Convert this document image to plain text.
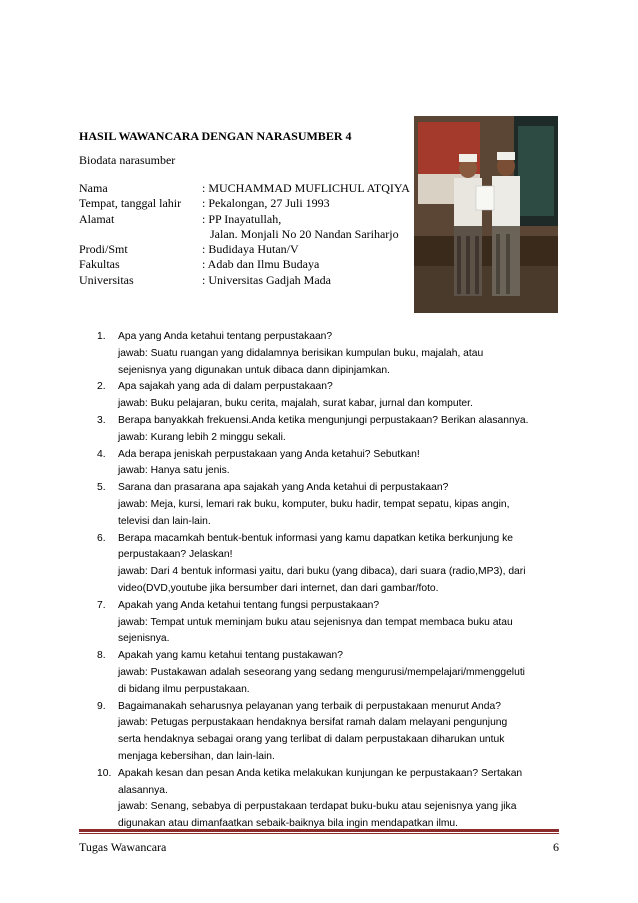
HASIL WAWANCARA DENGAN NARASUMBER 4
Biodata narasumber
Nama	: MUCHAMMAD MUFLICHUL ATQIYA
Tempat, tanggal lahir	: Pekalongan, 27 Juli 1993
Alamat	: PP Inayatullah,
Jalan. Monjali No 20 Nandan Sariharjo
Prodi/Smt	: Budidaya Hutan/V
Fakultas	: Adab dan Ilmu Budaya
Universitas	: Universitas Gadjah Mada
1.	Apa yang Anda ketahui tentang perpustakaan?
jawab: Suatu ruangan yang didalamnya berisikan kumpulan buku, majalah, atau
sejenisnya yang digunakan untuk dibaca dann dipinjamkan.
2.	Apa sajakah yang ada di dalam perpustakaan?
jawab: Buku pelajaran, buku cerita, majalah, surat kabar, jurnal dan komputer.
3.	Berapa banyakkah frekuensi.Anda ketika mengunjungi perpustakaan? Berikan alasannya.
jawab: Kurang lebih 2 minggu sekali.
4.	Ada berapa jeniskah perpustakaan yang Anda ketahui? Sebutkan!
jawab: Hanya satu jenis.
5.	Sarana dan prasarana apa sajakah yang Anda ketahui di perpustakaan?
jawab: Meja, kursi, lemari rak buku, komputer, buku hadir, tempat sepatu, kipas angin,
televisi dan lain-lain.
6.	Berapa macamkah bentuk-bentuk informasi yang kamu dapatkan ketika berkunjung ke
perpustakaan? Jelaskan!
jawab: Dari 4 bentuk informasi yaitu, dari buku (yang dibaca), dari suara (radio,MP3), dari
video(DVD,youtube jika bersumber dari internet, dan dari gambar/foto.
7.	Apakah yang Anda ketahui tentang fungsi perpustakaan?
jawab: Tempat untuk meminjam buku atau sejenisnya dan tempat membaca buku atau
sejenisnya.
8.	Apakah yang kamu ketahui tentang pustakawan?
jawab: Pustakawan adalah seseorang yang sedang mengurusi/mempelajari/mmenggeluti
di bidang ilmu perpustakaan.
9.	Bagaimanakah seharusnya pelayanan yang terbaik di perpustakaan menurut Anda?
jawab: Petugas perpustakaan hendaknya bersifat ramah dalam melayani pengunjung
serta hendaknya sebagai orang yang terlibat di dalam perpustakaan diharukan untuk
menjaga kebersihan, dan lain-lain.
10. Apakah kesan dan pesan Anda ketika melakukan kunjungan ke perpustakaan? Sertakan
alasannya.
jawab: Senang, sebabya di perpustakaan terdapat buku-buku atau sejenisnya yang jika
digunakan atau dimanfaatkan sebaik-baiknya bila ingin mendapatkan ilmu.
Tugas Wawancara	6
